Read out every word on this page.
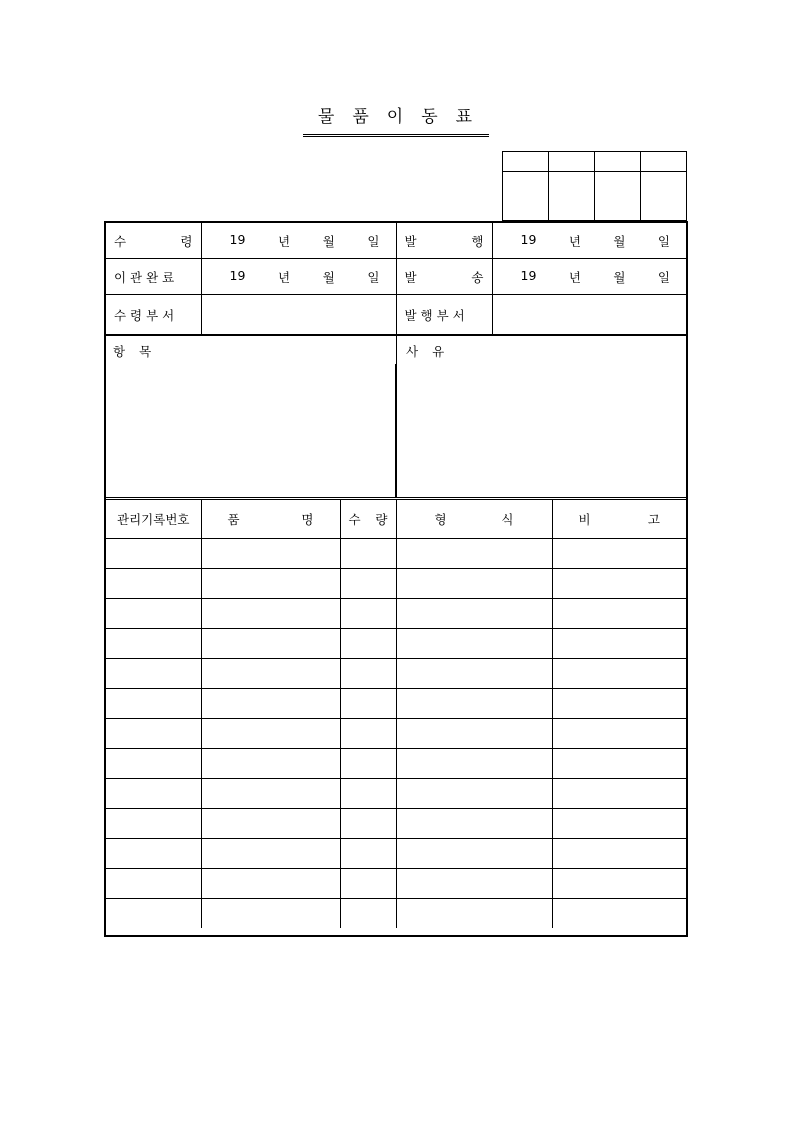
물 품 이 동 표

수 령	19 년 월 일	발 행	19 년 월 일

이 관 완 료	19 년 월 일	발 송	19 년 월 일

수 령 부 서		발 행 부 서	
항 목	사 유
관리기록번호	품 명	수 량	형 식	비 고
